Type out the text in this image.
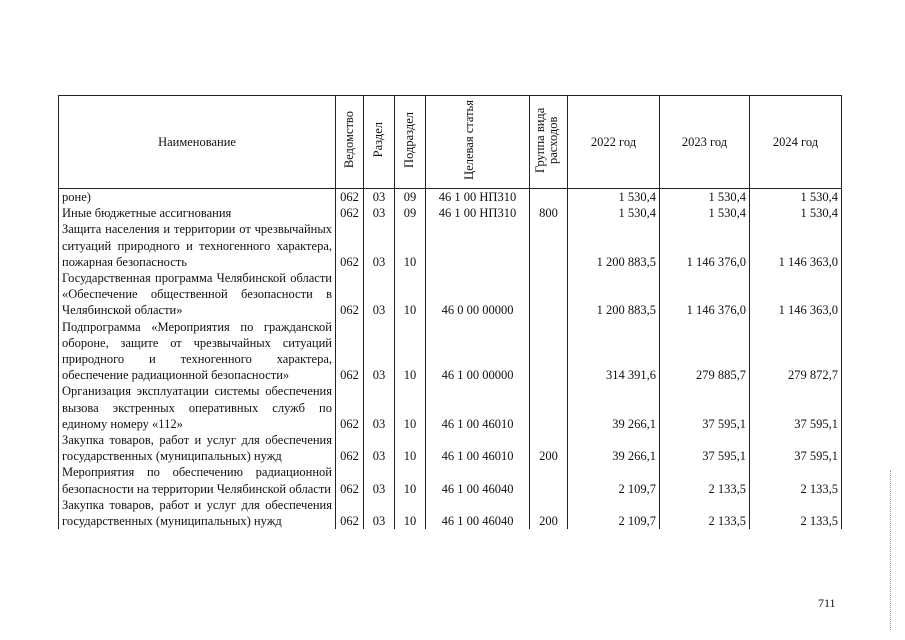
Наименование	Ведомство	Раздел	Подраздел	Целевая статья	Группа вида расходов	2022 год	2023 год	2024 год
роне)	062	03	09	46 1 00 НП310		1 530,4	1 530,4	1 530,4
Иные бюджетные ассигнования	062	03	09	46 1 00 НП310	800	1 530,4	1 530,4	1 530,4
Защита населения и территории от чрезвычайных ситуаций природного и техногенного характера, пожарная безопасность	062	03	10			1 200 883,5	1 146 376,0	1 146 363,0
Государственная программа Челябинской области «Обеспечение общественной безопасности в Челябинской области»	062	03	10	46 0 00 00000		1 200 883,5	1 146 376,0	1 146 363,0
Подпрограмма «Мероприятия по гражданской обороне, защите от чрезвычайных ситуаций природного и техногенного характера, обеспечение радиационной безопасности»	062	03	10	46 1 00 00000		314 391,6	279 885,7	279 872,7
Организация эксплуатации системы обеспечения вызова экстренных оперативных служб по единому номеру «112»	062	03	10	46 1 00 46010		39 266,1	37 595,1	37 595,1
Закупка товаров, работ и услуг для обеспечения государственных (муниципальных) нужд	062	03	10	46 1 00 46010	200	39 266,1	37 595,1	37 595,1
Мероприятия по обеспечению радиационной безопасности на территории Челябинской области	062	03	10	46 1 00 46040		2 109,7	2 133,5	2 133,5
Закупка товаров, работ и услуг для обеспечения государственных (муниципальных) нужд	062	03	10	46 1 00 46040	200	2 109,7	2 133,5	2 133,5
711
